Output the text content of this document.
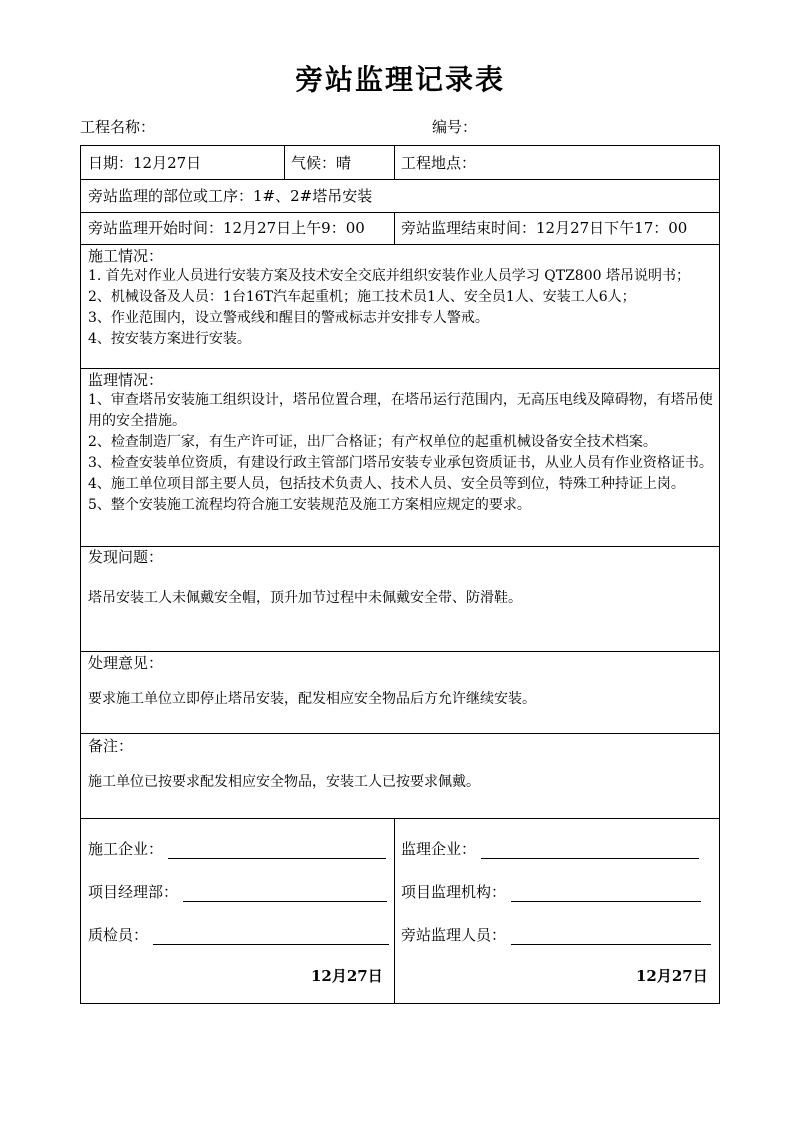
旁站监理记录表
工程名称：	编号：
日期：12月27日	气候：晴	工程地点：
旁站监理的部位或工序：1#、2#塔吊安装
旁站监理开始时间：12月27日上午9：00 旁站监理结束时间：12月27日下午17：00
施工情况：

1. 首先对作业人员进行安装方案及技术安全交底并组织安装作业人员学习 QTZ800 塔吊说明书；

2、机械设备及人员：1台16T汽车起重机；施工技术员1人、安全员1人、安装工人6人；

3、作业范围内，设立警戒线和醒目的警戒标志并安排专人警戒。

4、按安装方案进行安装。

监理情况：

1、审查塔吊安装施工组织设计，塔吊位置合理，在塔吊运行范围内，无高压电线及障碍物，有塔吊使用的安全措施。

2、检查制造厂家，有生产许可证，出厂合格证；有产权单位的起重机械设备安全技术档案。

3、检查安装单位资质，有建设行政主管部门塔吊安装专业承包资质证书，从业人员有作业资格证书。

4、施工单位项目部主要人员，包括技术负责人、技术人员、安全员等到位，特殊工种持证上岗。

5、整个安装施工流程均符合施工安装规范及施工方案相应规定的要求。

发现问题：

塔吊安装工人未佩戴安全帽，顶升加节过程中未佩戴安全带、防滑鞋。

处理意见：

要求施工单位立即停止塔吊安装，配发相应安全物品后方允许继续安装。

备注：

施工单位已按要求配发相应安全物品，安装工人已按要求佩戴。

施工企业：
项目经理部：
质检员：
12月27日
监理企业：
项目监理机构：
旁站监理人员：
12月27日
